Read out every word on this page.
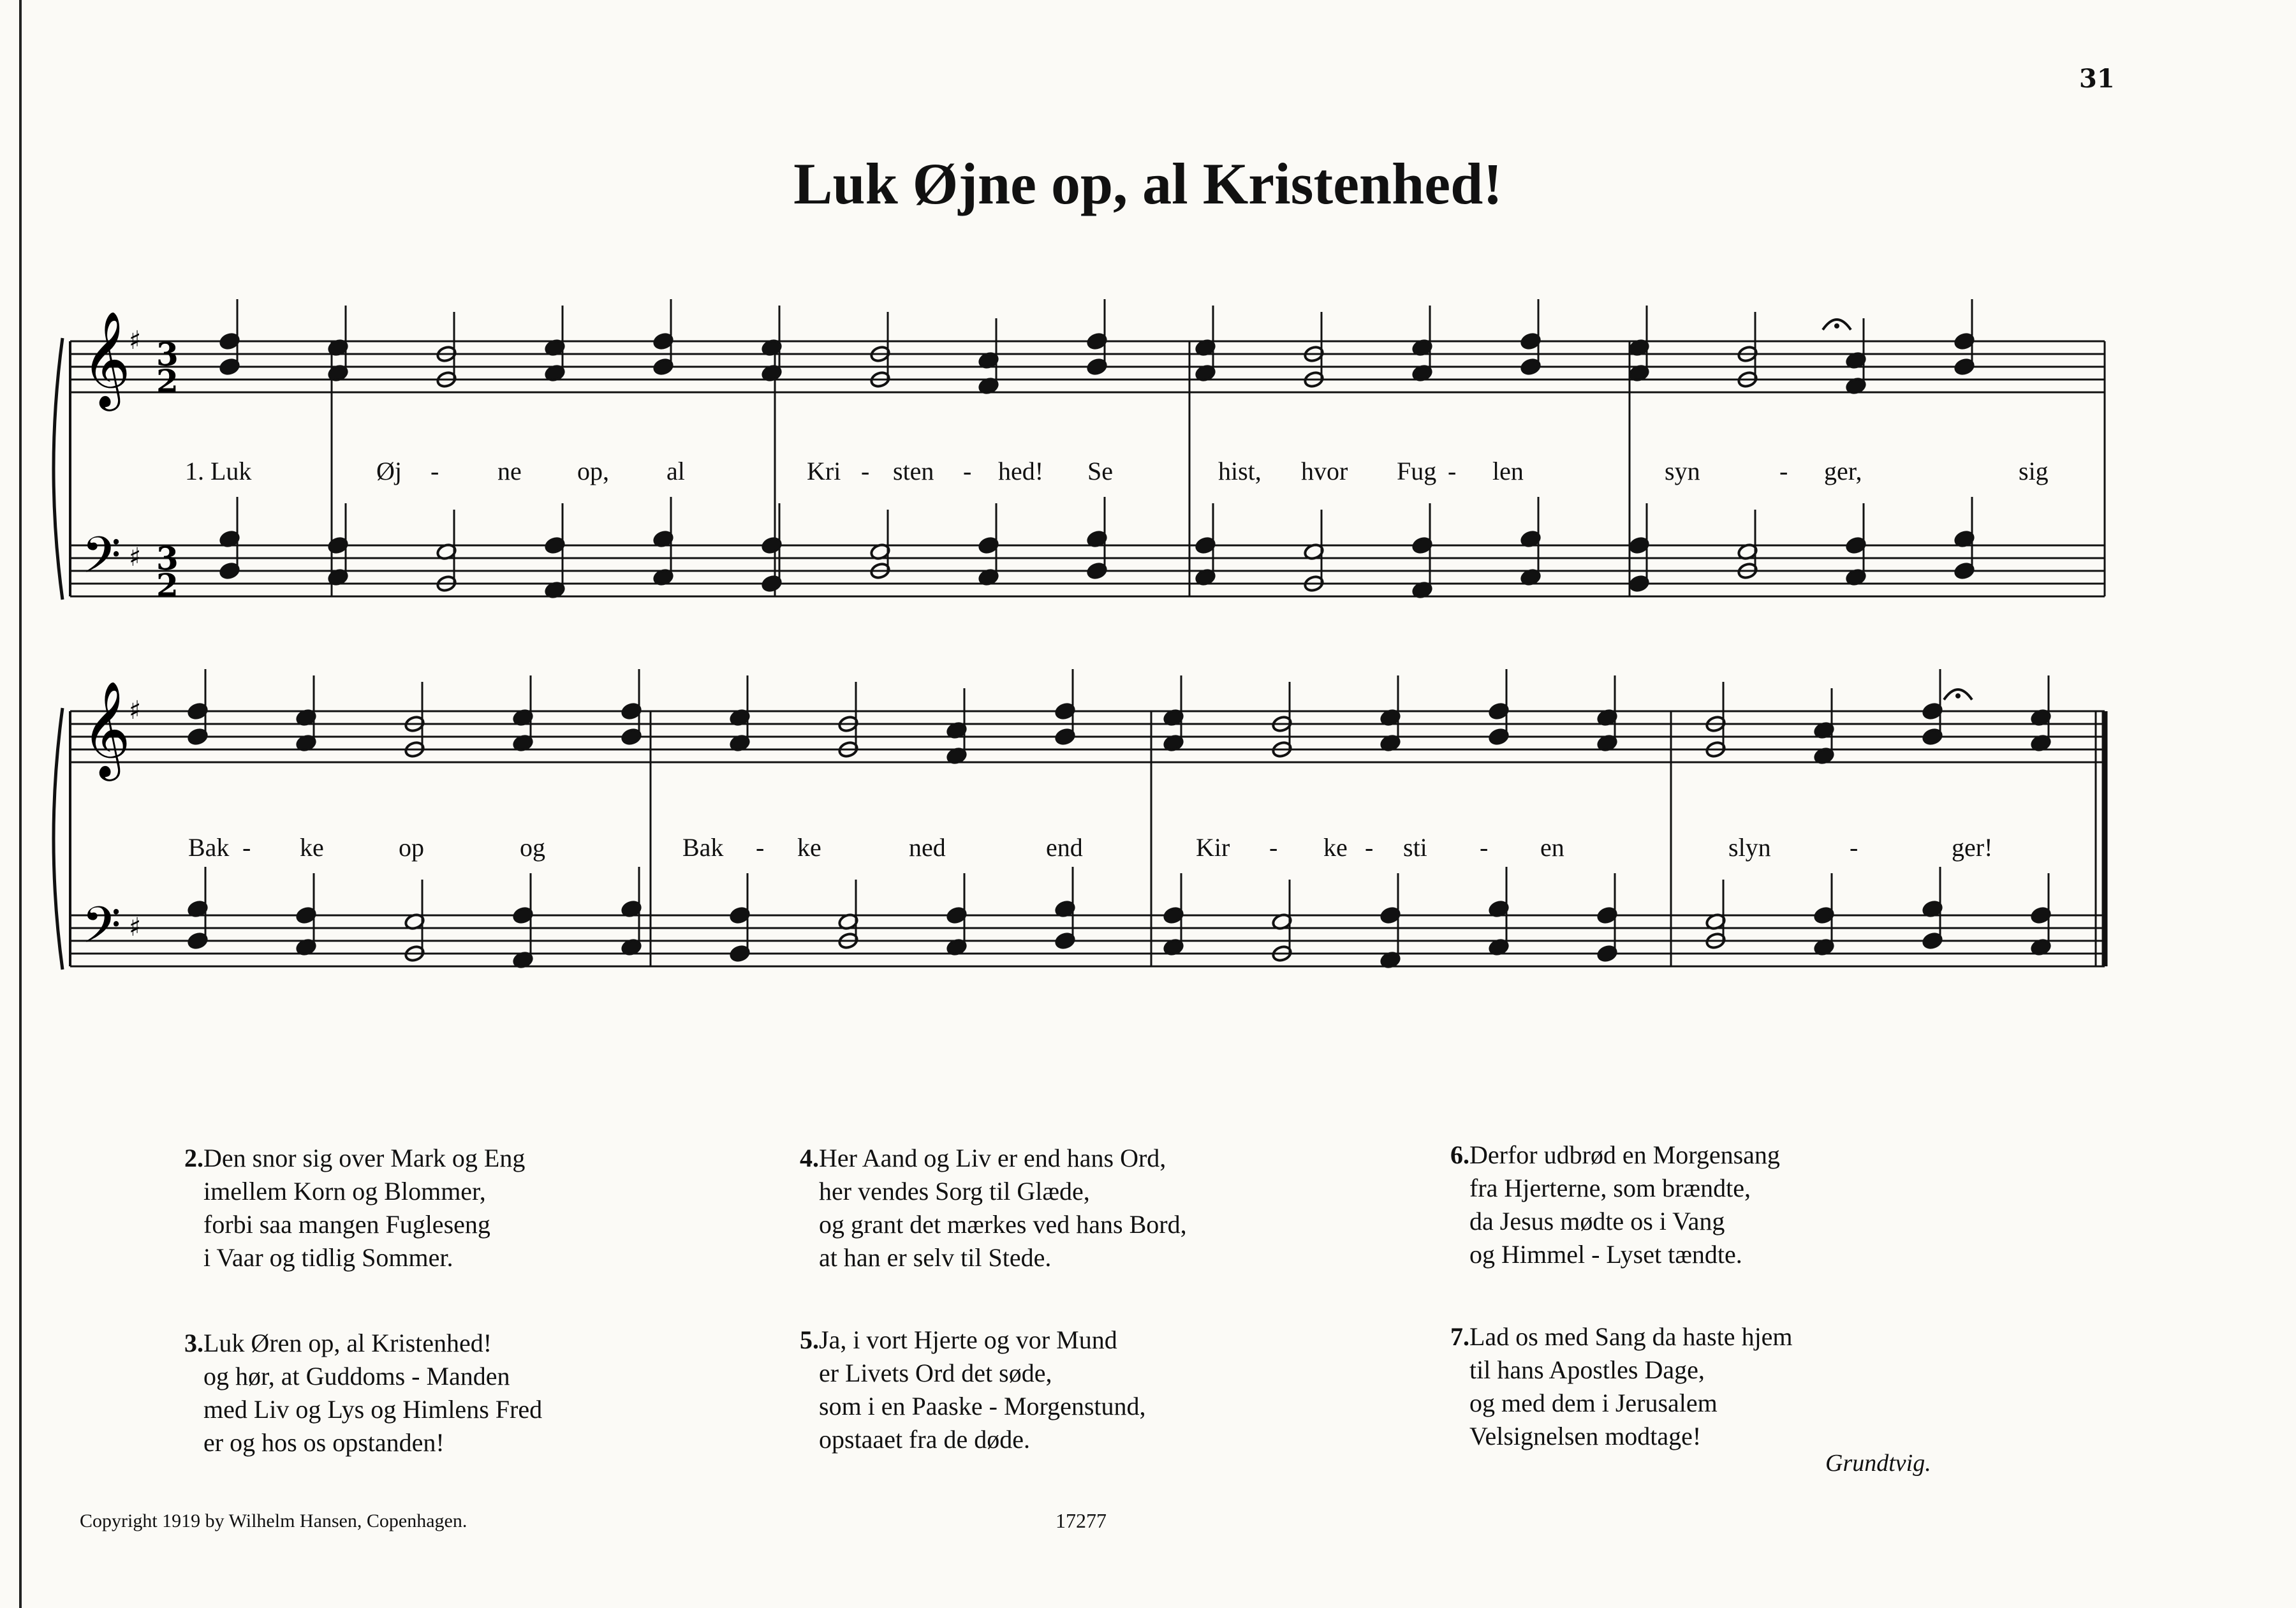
31
Luk Øjne op, al Kristenhed!
𝄞
𝄢
♯
♯
3
2
3
2
1. Luk	Øj - ne op, al	Kri - sten - hed! Se	hist, hvor Fug - len	syn	- ger,	sig
𝄞
𝄢
♯
♯
Bak - ke	op	og	Bak - ke	ned	end	Kir - ke - sti - en	slyn	-	ger!
2.Den snor sig over Mark og Eng
imellem Korn og Blommer,
forbi saa mangen Fugleseng
i Vaar og tidlig Sommer.
3.Luk Øren op, al Kristenhed!
og hør, at Guddoms - Manden
med Liv og Lys og Himlens Fred
er og hos os opstanden!
4.Her Aand og Liv er end hans Ord,
her vendes Sorg til Glæde,
og grant det mærkes ved hans Bord,
at han er selv til Stede.
5.Ja, i vort Hjerte og vor Mund
er Livets Ord det søde,
som i en Paaske - Morgenstund,
opstaaet fra de døde.
6.Derfor udbrød en Morgensang
fra Hjerterne, som brændte,
da Jesus mødte os i Vang
og Himmel - Lyset tændte.
7.Lad os med Sang da haste hjem
til hans Apostles Dage,
og med dem i Jerusalem
Velsignelsen modtage!
Grundtvig.
Copyright 1919 by Wilhelm Hansen, Copenhagen.	17277
